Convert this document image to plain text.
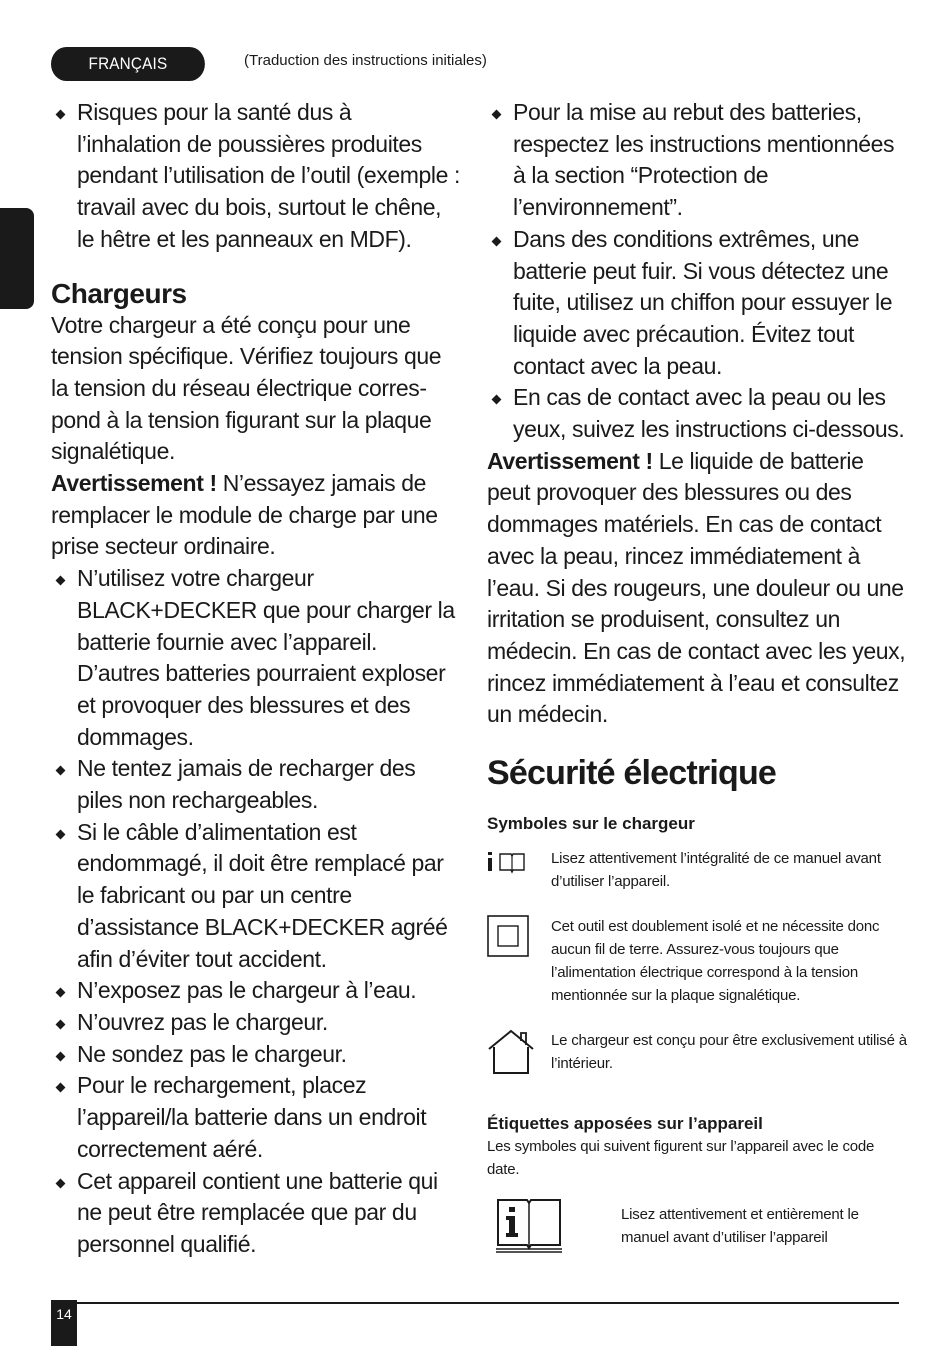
FRANÇAIS	(Traduction des instructions initiales)
Risques pour la santé dus à l’inhalation de poussières produites pendant l’utilisation de l’outil (exemple : travail avec du bois, surtout le chêne, le hêtre et les panneaux en MDF).
Chargeurs

Votre chargeur a été conçu pour une tension spécifique. Vérifiez toujours que la tension du réseau électrique correspond à la tension figurant sur la plaque signalétique.

Avertissement ! N’essayez jamais de remplacer le module de charge par une prise secteur ordinaire.

N’utilisez votre chargeur BLACK+DECKER que pour charger la batterie fournie avec l’appareil. D’autres batteries pourraient exploser et provoquer des blessures et des dommages.
Ne tentez jamais de recharger des piles non rechargeables.
Si le câble d’alimentation est endommagé, il doit être remplacé par le fabricant ou par un centre d’assistance BLACK+DECKER agréé afin d’éviter tout accident.
N’exposez pas le chargeur à l’eau.
N’ouvrez pas le chargeur.
Ne sondez pas le chargeur.
Pour le rechargement, placez l’appareil/la batterie dans un endroit correctement aéré.
Cet appareil contient une batterie qui ne peut être remplacée que par du personnel qualifié.
Pour la mise au rebut des batteries, respectez les instructions mentionnées à la section “Protection de l’environnement”.
Dans des conditions extrêmes, une batterie peut fuir. Si vous détectez une fuite, utilisez un chiffon pour essuyer le liquide avec précaution. Évitez tout contact avec la peau.
En cas de contact avec la peau ou les yeux, suivez les instructions ci-dessous.

Avertissement ! Le liquide de batterie peut provoquer des blessures ou des dommages matériels. En cas de contact avec la peau, rincez immédiatement à l’eau. Si des rougeurs, une douleur ou une irritation se produisent, consultez un médecin. En cas de contact avec les yeux, rincez immédiatement à l’eau et consultez un médecin.

Sécurité électrique
Symboles sur le chargeur
Lisez attentivement l’intégralité de ce manuel avant d’utiliser l’appareil.
Cet outil est doublement isolé et ne nécessite donc aucun fil de terre. Assurez-vous toujours que l’alimentation électrique correspond à la tension mentionnée sur la plaque signalétique.
Le chargeur est conçu pour être exclusivement utilisé à l’intérieur.
Étiquettes apposées sur l’appareil
Les symboles qui suivent figurent sur l’appareil avec le code date.
Lisez attentivement et entièrement le manuel avant d’utiliser l’appareil
14
